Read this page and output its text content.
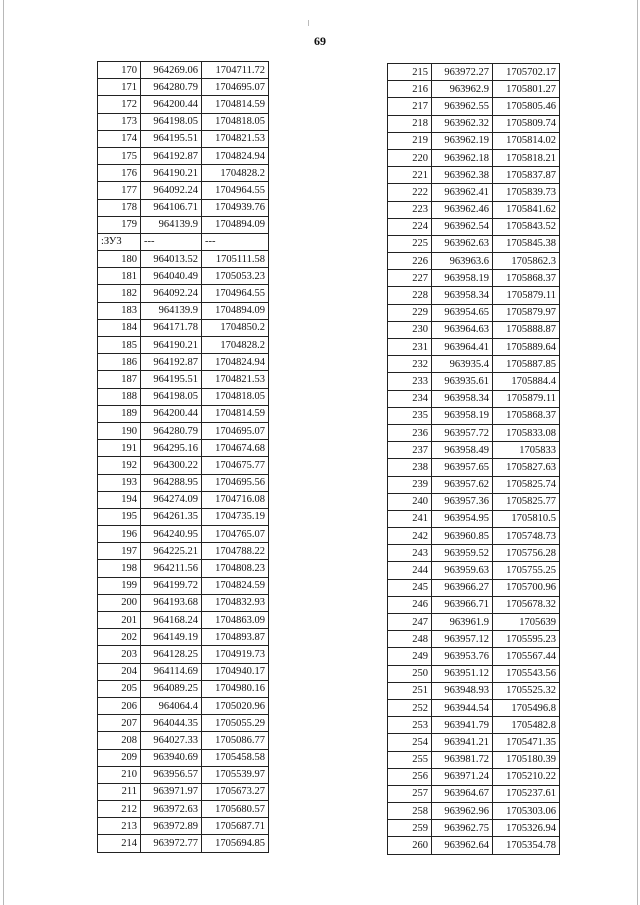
69
170	964269.06	1704711.72
171	964280.79	1704695.07
172	964200.44	1704814.59
173	964198.05	1704818.05
174	964195.51	1704821.53
175	964192.87	1704824.94
176	964190.21	1704828.2
177	964092.24	1704964.55
178	964106.71	1704939.76
179	964139.9	1704894.09
:ЗУ3	---	---
180	964013.52	1705111.58
181	964040.49	1705053.23
182	964092.24	1704964.55
183	964139.9	1704894.09
184	964171.78	1704850.2
185	964190.21	1704828.2
186	964192.87	1704824.94
187	964195.51	1704821.53
188	964198.05	1704818.05
189	964200.44	1704814.59
190	964280.79	1704695.07
191	964295.16	1704674.68
192	964300.22	1704675.77
193	964288.95	1704695.56
194	964274.09	1704716.08
195	964261.35	1704735.19
196	964240.95	1704765.07
197	964225.21	1704788.22
198	964211.56	1704808.23
199	964199.72	1704824.59
200	964193.68	1704832.93
201	964168.24	1704863.09
202	964149.19	1704893.87
203	964128.25	1704919.73
204	964114.69	1704940.17
205	964089.25	1704980.16
206	964064.4	1705020.96
207	964044.35	1705055.29
208	964027.33	1705086.77
209	963940.69	1705458.58
210	963956.57	1705539.97
211	963971.97	1705673.27
212	963972.63	1705680.57
213	963972.89	1705687.71
214	963972.77	1705694.85
215	963972.27	1705702.17
216	963962.9	1705801.27
217	963962.55	1705805.46
218	963962.32	1705809.74
219	963962.19	1705814.02
220	963962.18	1705818.21
221	963962.38	1705837.87
222	963962.41	1705839.73
223	963962.46	1705841.62
224	963962.54	1705843.52
225	963962.63	1705845.38
226	963963.6	1705862.3
227	963958.19	1705868.37
228	963958.34	1705879.11
229	963954.65	1705879.97
230	963964.63	1705888.87
231	963964.41	1705889.64
232	963935.4	1705887.85
233	963935.61	1705884.4
234	963958.34	1705879.11
235	963958.19	1705868.37
236	963957.72	1705833.08
237	963958.49	1705833
238	963957.65	1705827.63
239	963957.62	1705825.74
240	963957.36	1705825.77
241	963954.95	1705810.5
242	963960.85	1705748.73
243	963959.52	1705756.28
244	963959.63	1705755.25
245	963966.27	1705700.96
246	963966.71	1705678.32
247	963961.9	1705639
248	963957.12	1705595.23
249	963953.76	1705567.44
250	963951.12	1705543.56
251	963948.93	1705525.32
252	963944.54	1705496.8
253	963941.79	1705482.8
254	963941.21	1705471.35
255	963981.72	1705180.39
256	963971.24	1705210.22
257	963964.67	1705237.61
258	963962.96	1705303.06
259	963962.75	1705326.94
260	963962.64	1705354.78
